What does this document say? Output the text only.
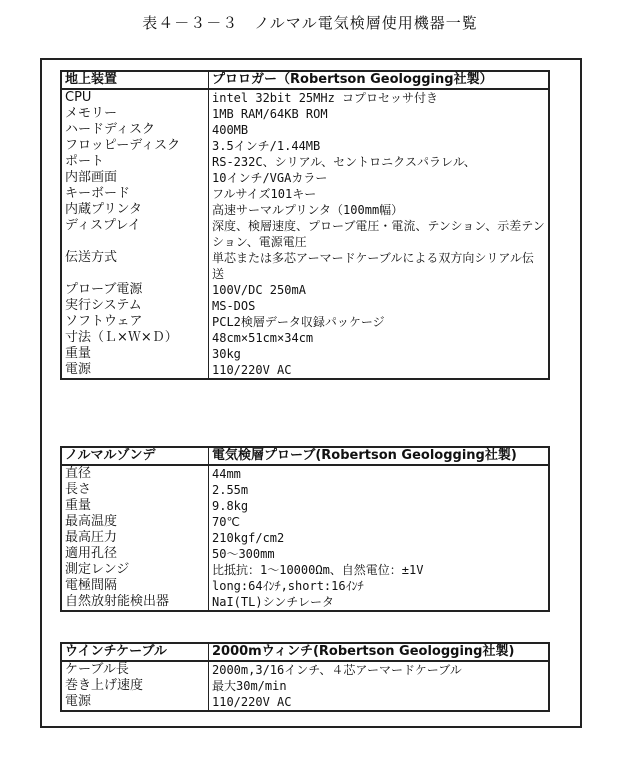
表４－３－３　ノルマル電気検層使用機器一覧
地上装置	プロロガー（Robertson Geologging社製）
CPU	intel 32bit 25MHz コプロセッサ付き
メモリー	1MB RAM/64KB ROM
ハードディスク	400MB
フロッピーディスク	3.5インチ/1.44MB
ポート	RS-232C、シリアル、セントロニクスパラレル、
内部画面	10インチ/VGAカラー
キーボード	フルサイズ101キー
内蔵プリンタ	高速サーマルプリンタ（100mm幅）
ディスプレイ	深度、検層速度、プローブ電圧・電流、テンション、示差テンション、電源電圧
伝送方式	単芯または多芯アーマードケーブルによる双方向シリアル伝送
プローブ電源	100V/DC 250mA
実行システム	MS-DOS
ソフトウェア	PCL2検層データ収録パッケージ
寸法（Ｌ×Ｗ×Ｄ）	48cm×51cm×34cm
重量	30kg
電源	110/220V AC
ノルマルゾンデ	電気検層プローブ(Robertson Geologging社製)
直径	44mm
長さ	2.55m
重量	9.8kg
最高温度	70℃
最高圧力	210kgf/cm2
適用孔径	50～300mm
測定レンジ	比抵抗：1～10000Ωm、自然電位：±1V
電極間隔	long:64ｲﾝﾁ,short:16ｲﾝﾁ
自然放射能検出器	NaI(TL)シンチレータ
ウインチケーブル	2000mウィンチ(Robertson Geologging社製)
ケーブル長	2000m,3/16インチ、４芯アーマードケーブル
巻き上げ速度	最大30m/min
電源	110/220V AC
